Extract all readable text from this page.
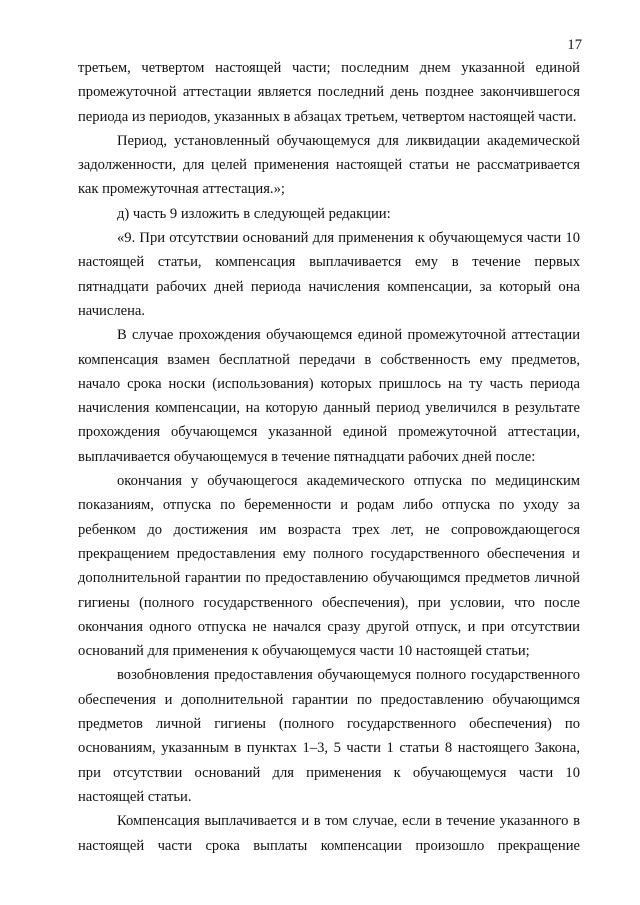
17

третьем, четвертом настоящей части; последним днем указанной единой промежуточной аттестации является последний день позднее закончившегося периода из периодов, указанных в абзацах третьем, четвертом настоящей части.

Период, установленный обучающемуся для ликвидации академической задолженности, для целей применения настоящей статьи не рассматривается как промежуточная аттестация.»;

д) часть 9 изложить в следующей редакции:

«9. При отсутствии оснований для применения к обучающемуся части 10 настоящей статьи, компенсация выплачивается ему в течение первых пятнадцати рабочих дней периода начисления компенсации, за который она начислена.

В случае прохождения обучающемся единой промежуточной аттестации компенсация взамен бесплатной передачи в собственность ему предметов, начало срока носки (использования) которых пришлось на ту часть периода начисления компенсации, на которую данный период увеличился в результате прохождения обучающемся указанной единой промежуточной аттестации, выплачивается обучающемуся в течение пятнадцати рабочих дней после:

окончания у обучающегося академического отпуска по медицинским показаниям, отпуска по беременности и родам либо отпуска по уходу за ребенком до достижения им возраста трех лет, не сопровождающегося прекращением предоставления ему полного государственного обеспечения и дополнительной гарантии по предоставлению обучающимся предметов личной гигиены (полного государственного обеспечения), при условии, что после окончания одного отпуска не начался сразу другой отпуск, и при отсутствии оснований для применения к обучающемуся части 10 настоящей статьи;

возобновления предоставления обучающемуся полного государственного обеспечения и дополнительной гарантии по предоставлению обучающимся предметов личной гигиены (полного государственного обеспечения) по основаниям, указанным в пунктах 1–3, 5 части 1 статьи 8 настоящего Закона, при отсутствии оснований для применения к обучающемуся части 10 настоящей статьи.

Компенсация выплачивается и в том случае, если в течение указанного в настоящей части срока выплаты компенсации произошло прекращение
